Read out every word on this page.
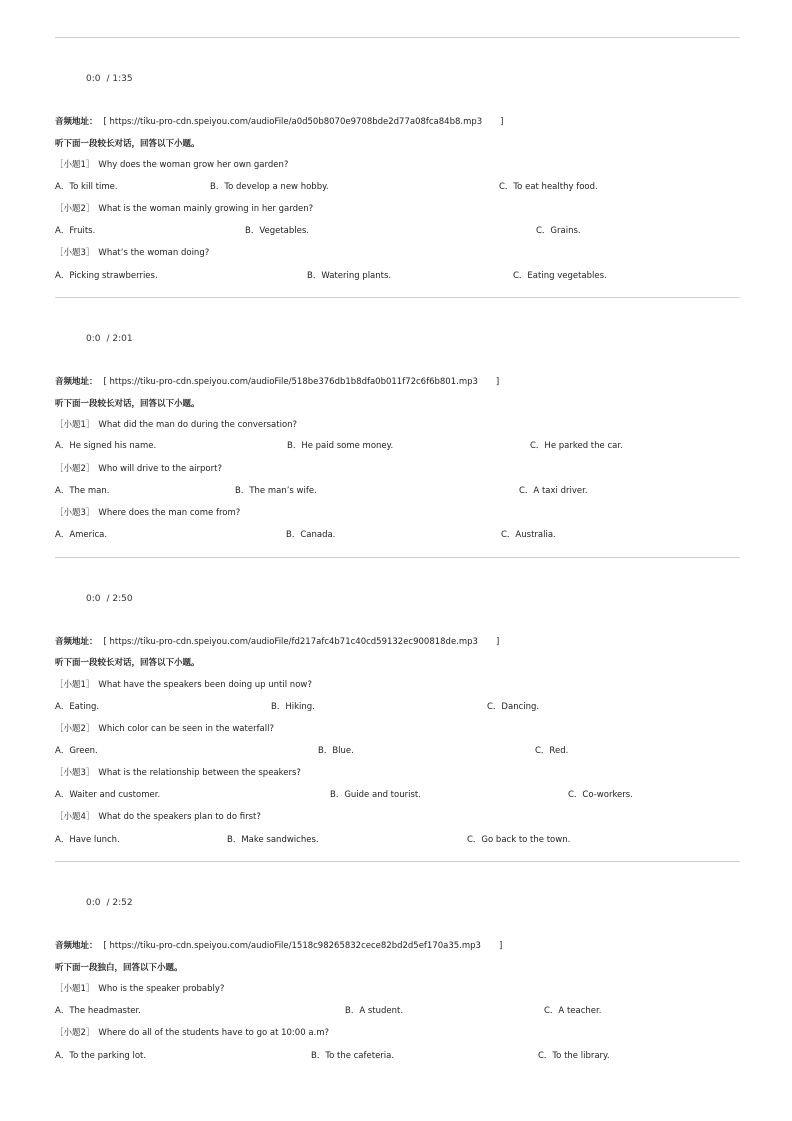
0:0 / 1:35
音频地址： [ https://tiku-pro-cdn.speiyou.com/audioFile/a0d50b8070e9708bde2d77a08fca84b8.mp3 ]
听下面一段较长对话，回答以下小题。
［小题1］ Why does the woman grow her own garden?
A．To kill time.	B．To develop a new hobby.	C．To eat healthy food.
［小题2］ What is the woman mainly growing in her garden?
A．Fruits.	B．Vegetables.	C．Grains.
［小题3］ What’s the woman doing?
A．Picking strawberries.	B．Watering plants.	C．Eating vegetables.
0:0 / 2:01
音频地址： [ https://tiku-pro-cdn.speiyou.com/audioFile/518be376db1b8dfa0b011f72c6f6b801.mp3 ]
听下面一段较长对话，回答以下小题。
［小题1］ What did the man do during the conversation?
A．He signed his name.	B．He paid some money.	C．He parked the car.
［小题2］ Who will drive to the airport?
A．The man.	B．The man’s wife.	C．A taxi driver.
［小题3］ Where does the man come from?
A．America.	B．Canada.	C．Australia.
0:0 / 2:50
音频地址： [ https://tiku-pro-cdn.speiyou.com/audioFile/fd217afc4b71c40cd59132ec900818de.mp3 ]
听下面一段较长对话，回答以下小题。
［小题1］ What have the speakers been doing up until now?
A．Eating.	B．Hiking.	C．Dancing.
［小题2］ Which color can be seen in the waterfall?
A．Green.	B．Blue.	C．Red.
［小题3］ What is the relationship between the speakers?
A．Waiter and customer.	B．Guide and tourist.	C．Co-workers.
［小题4］ What do the speakers plan to do first?
A．Have lunch.	B．Make sandwiches.	C．Go back to the town.
0:0 / 2:52
音频地址： [ https://tiku-pro-cdn.speiyou.com/audioFile/1518c98265832cece82bd2d5ef170a35.mp3 ]
听下面一段独白，回答以下小题。
［小题1］ Who is the speaker probably?
A．The headmaster.	B．A student.	C．A teacher.
［小题2］ Where do all of the students have to go at 10:00 a.m?
A．To the parking lot.	B．To the cafeteria.	C．To the library.
